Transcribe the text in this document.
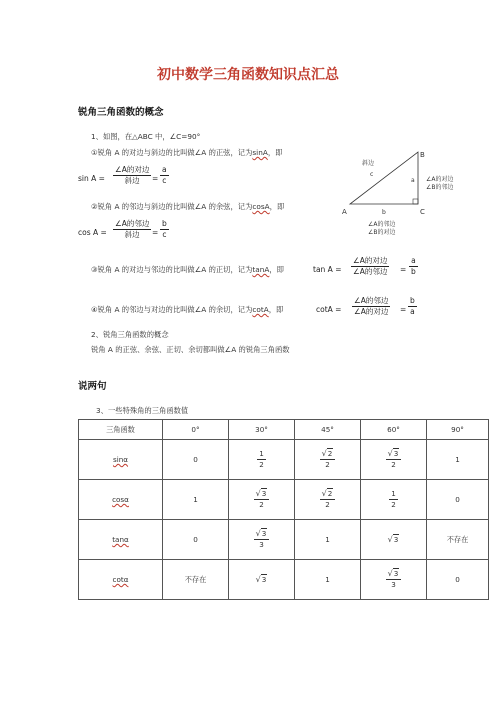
初中数学三角函数知识点汇总
锐角三角函数的概念
1、如图，在△ABC 中，∠C=90°
①锐角 A 的对边与斜边的比叫做∠A 的正弦，记为sinA，即
sin A =
∠A的对边
斜边	= $\frac{a}{c}$
②锐角 A 的邻边与斜边的比叫做∠A 的余弦，记为cosA，即
cos A =
∠A的邻边
斜边	= $\frac{b}{c}$
A
B
C
斜边
c
a
b
∠A的对边
∠B的邻边
∠A的邻边
∠B的对边
③锐角 A 的对边与邻边的比叫做∠A 的正切，记为tanA，即	tan A =
∠A的对边
∠A的邻边 = $\frac{a}{b}$
④锐角 A 的邻边与对边的比叫做∠A 的余切，记为cotA，即	cotA =
∠A的邻边
∠A的对边 = $\frac{b}{a}$
2、锐角三角函数的概念
锐角 A 的正弦、余弦、正切、余切都叫做∠A 的锐角三角函数
说两句
3、一些特殊角的三角函数值
三角函数	0°	30°	45°	60°	90°
sinα	0	$\frac{1}{2}$	$\frac{√2}{2}$	$\frac{√3}{2}$	1
cosα	1	$\frac{√3}{2}$	$\frac{√2}{2}$	$\frac{1}{2}$	0
tanα	0	$\frac{√3}{3}$	1	√3	不存在
cotα	不存在	√3	1	$\frac{√3}{3}$	0
